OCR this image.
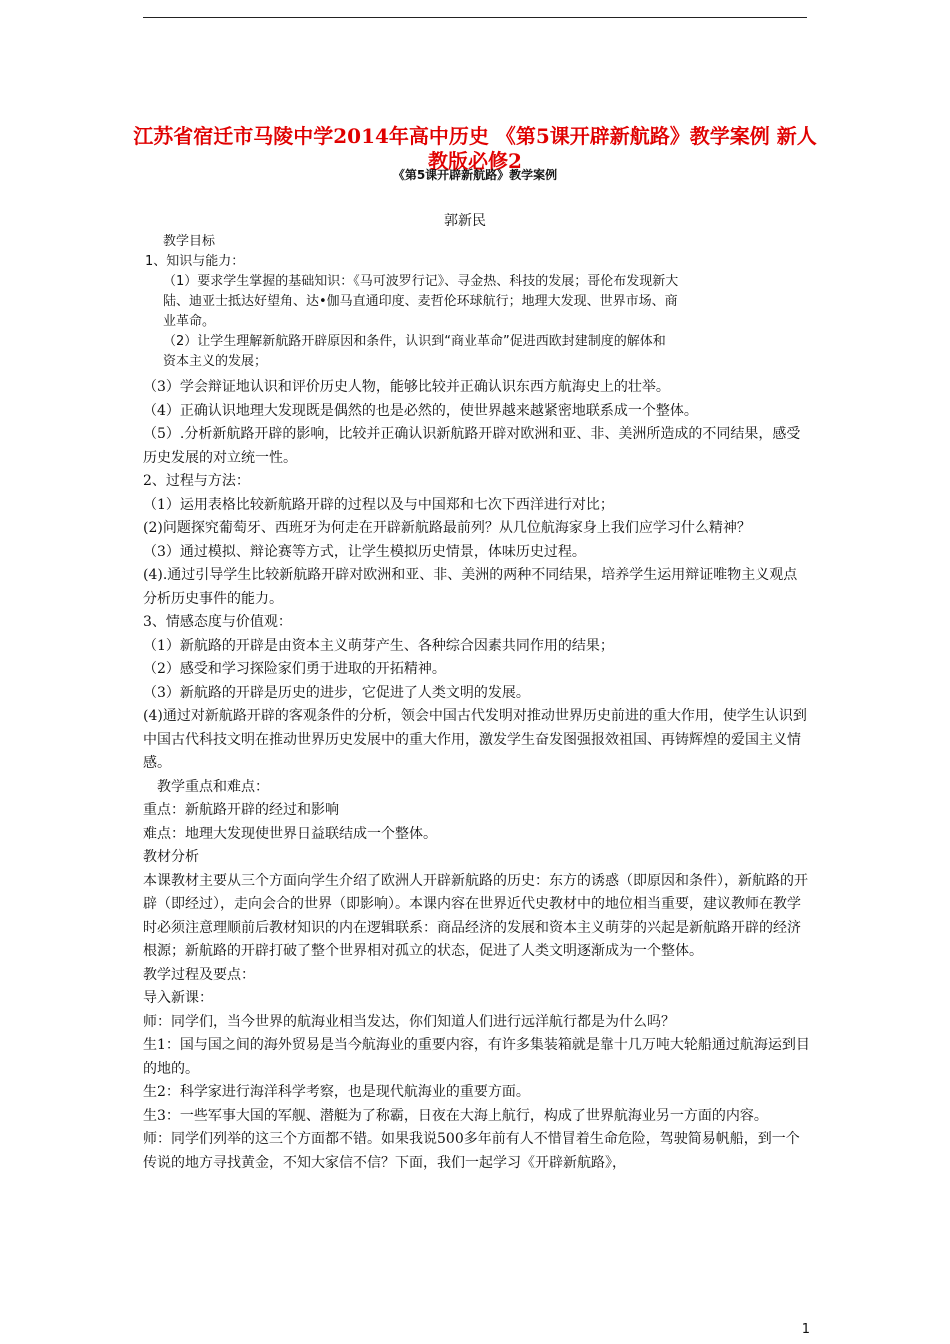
江苏省宿迁市马陵中学2014年高中历史 《第5课开辟新航路》教学案例 新人教版必修2
《第5课开辟新航路》教学案例
郭新民

教学目标

1、知识与能力：

（1）要求学生掌握的基础知识：《马可波罗行记》、寻金热、科技的发展；哥伦布发现新大

陆、迪亚士抵达好望角、达•伽马直通印度、麦哲伦环球航行；地理大发现、世界市场、商

业革命。

（2）让学生理解新航路开辟原因和条件，认识到“商业革命”促进西欧封建制度的解体和

资本主义的发展；

（3）学会辩证地认识和评价历史人物，能够比较并正确认识东西方航海史上的壮举。

（4）正确认识地理大发现既是偶然的也是必然的，使世界越来越紧密地联系成一个整体。

（5）.分析新航路开辟的影响，比较并正确认识新航路开辟对欧洲和亚、非、美洲所造成的不同结果，感受历史发展的对立统一性。

2、过程与方法：

（1）运用表格比较新航路开辟的过程以及与中国郑和七次下西洋进行对比；

(2)问题探究葡萄牙、西班牙为何走在开辟新航路最前列？从几位航海家身上我们应学习什么精神？

（3）通过模拟、辩论赛等方式，让学生模拟历史情景，体味历史过程。

(4).通过引导学生比较新航路开辟对欧洲和亚、非、美洲的两种不同结果，培养学生运用辩证唯物主义观点分析历史事件的能力。

3、情感态度与价值观：

（1）新航路的开辟是由资本主义萌芽产生、各种综合因素共同作用的结果；

（2）感受和学习探险家们勇于进取的开拓精神。

（3）新航路的开辟是历史的进步，它促进了人类文明的发展。

(4)通过对新航路开辟的客观条件的分析，领会中国古代发明对推动世界历史前进的重大作用，使学生认识到中国古代科技文明在推动世界历史发展中的重大作用，激发学生奋发图强报效祖国、再铸辉煌的爱国主义情感。

教学重点和难点：

重点：新航路开辟的经过和影响

难点：地理大发现使世界日益联结成一个整体。

教材分析

本课教材主要从三个方面向学生介绍了欧洲人开辟新航路的历史：东方的诱惑（即原因和条件），新航路的开辟（即经过），走向会合的世界（即影响）。本课内容在世界近代史教材中的地位相当重要，建议教师在教学时必须注意理顺前后教材知识的内在逻辑联系：商品经济的发展和资本主义萌芽的兴起是新航路开辟的经济根源；新航路的开辟打破了整个世界相对孤立的状态，促进了人类文明逐渐成为一个整体。

教学过程及要点：

导入新课：

师：同学们，当今世界的航海业相当发达，你们知道人们进行远洋航行都是为什么吗？

生1：国与国之间的海外贸易是当今航海业的重要内容，有许多集装箱就是靠十几万吨大轮船通过航海运到目的地的。

生2：科学家进行海洋科学考察，也是现代航海业的重要方面。

生3：一些军事大国的军舰、潜艇为了称霸，日夜在大海上航行，构成了世界航海业另一方面的内容。

师：同学们列举的这三个方面都不错。如果我说500多年前有人不惜冒着生命危险，驾驶简易帆船，到一个传说的地方寻找黄金，不知大家信不信？下面，我们一起学习《开辟新航路》，

1
